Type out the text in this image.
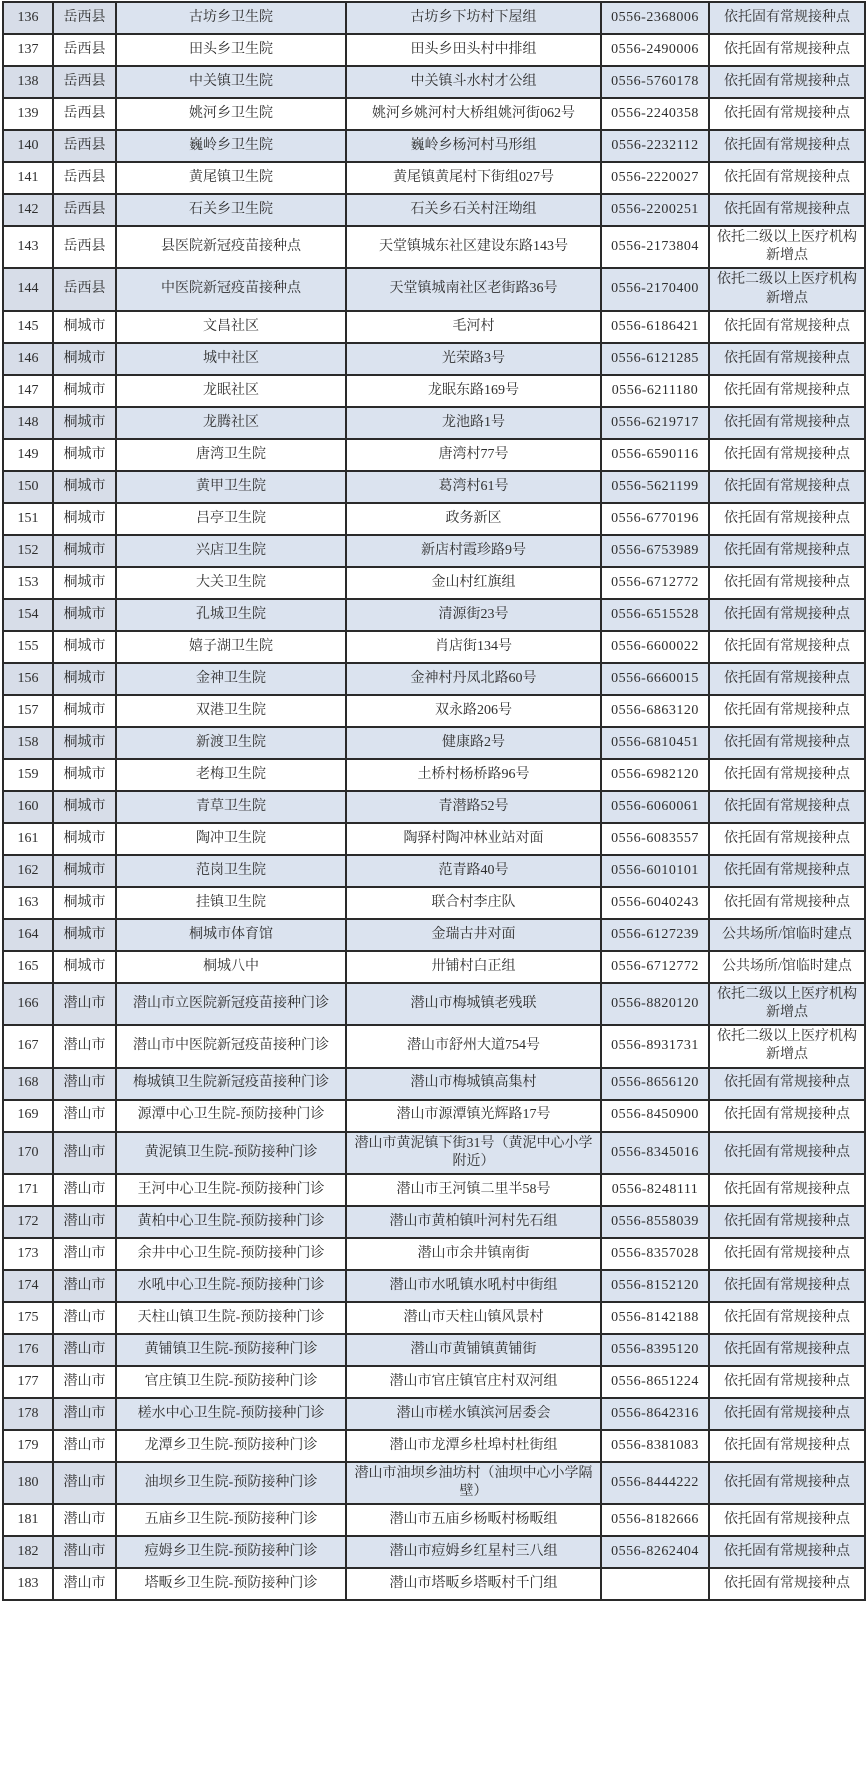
136	岳西县	古坊乡卫生院	古坊乡下坊村下屋组	0556-2368006	依托固有常规接种点
137	岳西县	田头乡卫生院	田头乡田头村中排组	0556-2490006	依托固有常规接种点
138	岳西县	中关镇卫生院	中关镇斗水村才公组	0556-5760178	依托固有常规接种点
139	岳西县	姚河乡卫生院	姚河乡姚河村大桥组姚河街062号	0556-2240358	依托固有常规接种点
140	岳西县	巍岭乡卫生院	巍岭乡杨河村马形组	0556-2232112	依托固有常规接种点
141	岳西县	黄尾镇卫生院	黄尾镇黄尾村下街组027号	0556-2220027	依托固有常规接种点
142	岳西县	石关乡卫生院	石关乡石关村汪坳组	0556-2200251	依托固有常规接种点
143	岳西县	县医院新冠疫苗接种点	天堂镇城东社区建设东路143号	0556-2173804	依托二级以上医疗机构新增点
144	岳西县	中医院新冠疫苗接种点	天堂镇城南社区老街路36号	0556-2170400	依托二级以上医疗机构新增点
145	桐城市	文昌社区	毛河村	0556-6186421	依托固有常规接种点
146	桐城市	城中社区	光荣路3号	0556-6121285	依托固有常规接种点
147	桐城市	龙眠社区	龙眠东路169号	0556-6211180	依托固有常规接种点
148	桐城市	龙腾社区	龙池路1号	0556-6219717	依托固有常规接种点
149	桐城市	唐湾卫生院	唐湾村77号	0556-6590116	依托固有常规接种点
150	桐城市	黄甲卫生院	葛湾村61号	0556-5621199	依托固有常规接种点
151	桐城市	吕亭卫生院	政务新区	0556-6770196	依托固有常规接种点
152	桐城市	兴店卫生院	新店村霞珍路9号	0556-6753989	依托固有常规接种点
153	桐城市	大关卫生院	金山村红旗组	0556-6712772	依托固有常规接种点
154	桐城市	孔城卫生院	清源街23号	0556-6515528	依托固有常规接种点
155	桐城市	嬉子湖卫生院	肖店街134号	0556-6600022	依托固有常规接种点
156	桐城市	金神卫生院	金神村丹凤北路60号	0556-6660015	依托固有常规接种点
157	桐城市	双港卫生院	双永路206号	0556-6863120	依托固有常规接种点
158	桐城市	新渡卫生院	健康路2号	0556-6810451	依托固有常规接种点
159	桐城市	老梅卫生院	土桥村杨桥路96号	0556-6982120	依托固有常规接种点
160	桐城市	青草卫生院	青潜路52号	0556-6060061	依托固有常规接种点
161	桐城市	陶冲卫生院	陶驿村陶冲林业站对面	0556-6083557	依托固有常规接种点
162	桐城市	范岗卫生院	范青路40号	0556-6010101	依托固有常规接种点
163	桐城市	挂镇卫生院	联合村李庄队	0556-6040243	依托固有常规接种点
164	桐城市	桐城市体育馆	金瑞古井对面	0556-6127239	公共场所/馆临时建点
165	桐城市	桐城八中	卅铺村白正组	0556-6712772	公共场所/馆临时建点
166	潜山市	潜山市立医院新冠疫苗接种门诊	潜山市梅城镇老残联	0556-8820120	依托二级以上医疗机构新增点
167	潜山市	潜山市中医院新冠疫苗接种门诊	潜山市舒州大道754号	0556-8931731	依托二级以上医疗机构新增点
168	潜山市	梅城镇卫生院新冠疫苗接种门诊	潜山市梅城镇高集村	0556-8656120	依托固有常规接种点
169	潜山市	源潭中心卫生院-预防接种门诊	潜山市源潭镇光辉路17号	0556-8450900	依托固有常规接种点
170	潜山市	黄泥镇卫生院-预防接种门诊	潜山市黄泥镇下街31号（黄泥中心小学附近）	0556-8345016	依托固有常规接种点
171	潜山市	王河中心卫生院-预防接种门诊	潜山市王河镇二里半58号	0556-8248111	依托固有常规接种点
172	潜山市	黄柏中心卫生院-预防接种门诊	潜山市黄柏镇叶河村先石组	0556-8558039	依托固有常规接种点
173	潜山市	余井中心卫生院-预防接种门诊	潜山市余井镇南街	0556-8357028	依托固有常规接种点
174	潜山市	水吼中心卫生院-预防接种门诊	潜山市水吼镇水吼村中街组	0556-8152120	依托固有常规接种点
175	潜山市	天柱山镇卫生院-预防接种门诊	潜山市天柱山镇风景村	0556-8142188	依托固有常规接种点
176	潜山市	黄铺镇卫生院-预防接种门诊	潜山市黄铺镇黄铺街	0556-8395120	依托固有常规接种点
177	潜山市	官庄镇卫生院-预防接种门诊	潜山市官庄镇官庄村双河组	0556-8651224	依托固有常规接种点
178	潜山市	槎水中心卫生院-预防接种门诊	潜山市槎水镇滨河居委会	0556-8642316	依托固有常规接种点
179	潜山市	龙潭乡卫生院-预防接种门诊	潜山市龙潭乡杜埠村杜街组	0556-8381083	依托固有常规接种点
180	潜山市	油坝乡卫生院-预防接种门诊	潜山市油坝乡油坊村（油坝中心小学隔壁）	0556-8444222	依托固有常规接种点
181	潜山市	五庙乡卫生院-预防接种门诊	潜山市五庙乡杨畈村杨畈组	0556-8182666	依托固有常规接种点
182	潜山市	痘姆乡卫生院-预防接种门诊	潜山市痘姆乡红星村三八组	0556-8262404	依托固有常规接种点
183	潜山市	塔畈乡卫生院-预防接种门诊	潜山市塔畈乡塔畈村千门组		依托固有常规接种点
